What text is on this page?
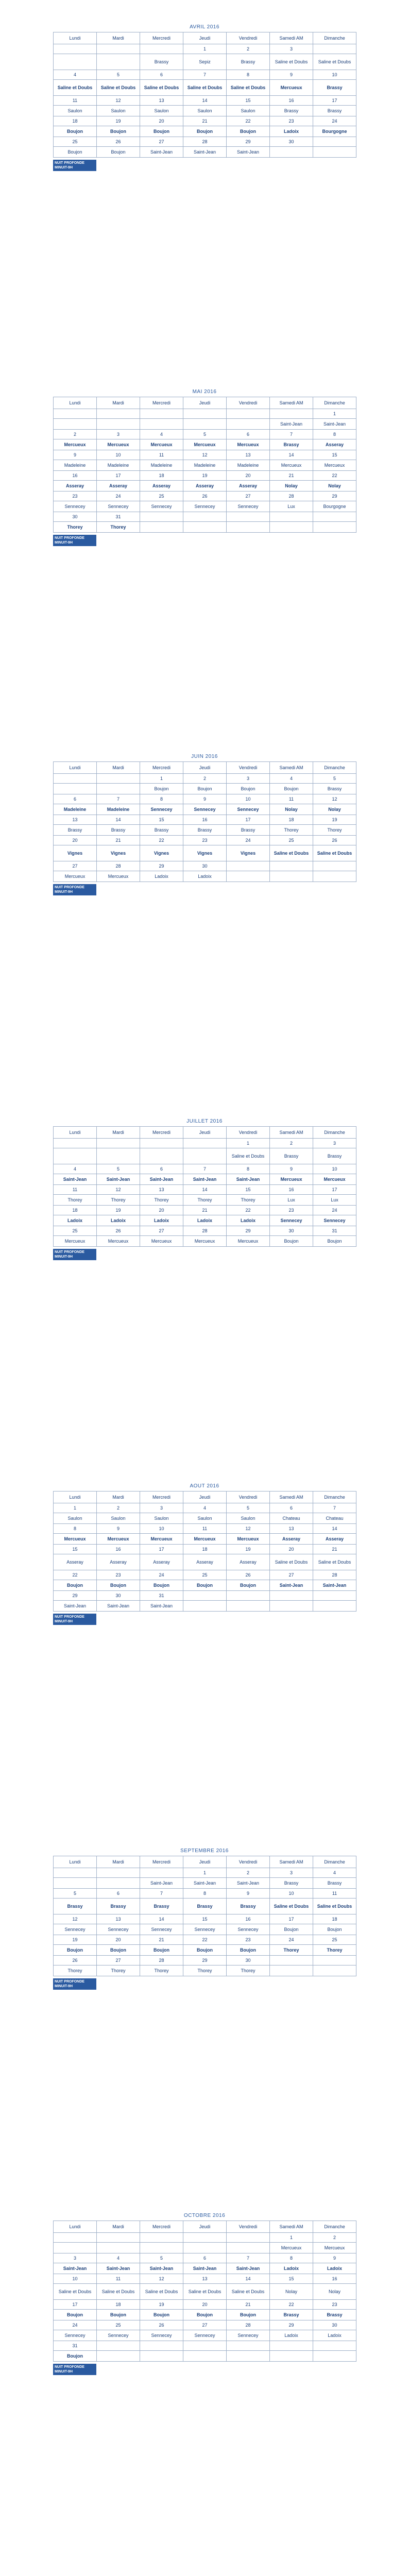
AVRIL 2016
Lundi	Mardi	Mercredi	Jeudi	Vendredi	Samedi AM	Dimanche
			1	2	3	
		Brassy	Sepiz	Brassy	Saline et Doubs	Saline et Doubs
4	5	6	7	8	9	10
Saline et Doubs	Saline et Doubs	Saline et Doubs	Saline et Doubs	Saline et Doubs	Mercueux	Brassy
11	12	13	14	15	16	17
Saulon	Saulon	Saulon	Saulon	Saulon	Brassy	Brassy
18	19	20	21	22	23	24
Boujon	Boujon	Boujon	Boujon	Boujon	Ladoix	Bourgogne
25	26	27	28	29	30	
Boujon	Boujon	Saint-Jean	Saint-Jean	Saint-Jean		
NUIT PROFONDE MINUIT-9H
MAI 2016
Lundi	Mardi	Mercredi	Jeudi	Vendredi	Samedi AM	Dimanche
						1
					Saint-Jean	Saint-Jean
2	3	4	5	6	7	8
Mercueux	Mercueux	Mercueux	Mercueux	Mercueux	Brassy	Asseray
9	10	11	12	13	14	15
Madeleine	Madeleine	Madeleine	Madeleine	Madeleine	Mercueux	Mercueux
16	17	18	19	20	21	22
Asseray	Asseray	Asseray	Asseray	Asseray	Nolay	Nolay
23	24	25	26	27	28	29
Sennecey	Sennecey	Sennecey	Sennecey	Sennecey	Lux	Bourgogne
30	31					
Thorey	Thorey					
NUIT PROFONDE MINUIT-9H
JUIN 2016
Lundi	Mardi	Mercredi	Jeudi	Vendredi	Samedi AM	Dimanche
		1	2	3	4	5
		Boujon	Boujon	Boujon	Boujon	Brassy
6	7	8	9	10	11	12
Madeleine	Madeleine	Sennecey	Sennecey	Sennecey	Nolay	Nolay
13	14	15	16	17	18	19
Brassy	Brassy	Brassy	Brassy	Brassy	Thorey	Thorey
20	21	22	23	24	25	26
Vignes	Vignes	Vignes	Vignes	Vignes	Saline et Doubs	Saline et Doubs
27	28	29	30			
Mercueux	Mercueux	Ladoix	Ladoix			
NUIT PROFONDE MINUIT-9H
JUILLET 2016
Lundi	Mardi	Mercredi	Jeudi	Vendredi	Samedi AM	Dimanche
				1	2	3
				Saline et Doubs	Brassy	Brassy
4	5	6	7	8	9	10
Saint-Jean	Saint-Jean	Saint-Jean	Saint-Jean	Saint-Jean	Mercueux	Mercueux
11	12	13	14	15	16	17
Thorey	Thorey	Thorey	Thorey	Thorey	Lux	Lux
18	19	20	21	22	23	24
Ladoix	Ladoix	Ladoix	Ladoix	Ladoix	Sennecey	Sennecey
25	26	27	28	29	30	31
Mercueux	Mercueux	Mercueux	Mercueux	Mercueux	Boujon	Boujon
NUIT PROFONDE MINUIT-9H
AOUT 2016
Lundi	Mardi	Mercredi	Jeudi	Vendredi	Samedi AM	Dimanche
1	2	3	4	5	6	7
Saulon	Saulon	Saulon	Saulon	Saulon	Chateau	Chateau
8	9	10	11	12	13	14
Mercueux	Mercueux	Mercueux	Mercueux	Mercueux	Asseray	Asseray
15	16	17	18	19	20	21
Asseray	Asseray	Asseray	Asseray	Asseray	Saline et Doubs	Saline et Doubs
22	23	24	25	26	27	28
Boujon	Boujon	Boujon	Boujon	Boujon	Saint-Jean	Saint-Jean
29	30	31				
Saint-Jean	Saint-Jean	Saint-Jean				
NUIT PROFONDE MINUIT-9H
SEPTEMBRE 2016
Lundi	Mardi	Mercredi	Jeudi	Vendredi	Samedi AM	Dimanche
			1	2	3	4
		Saint-Jean	Saint-Jean	Saint-Jean	Brassy	Brassy
5	6	7	8	9	10	11
Brassy	Brassy	Brassy	Brassy	Brassy	Saline et Doubs	Saline et Doubs
12	13	14	15	16	17	18
Sennecey	Sennecey	Sennecey	Sennecey	Sennecey	Boujon	Boujon
19	20	21	22	23	24	25
Boujon	Boujon	Boujon	Boujon	Boujon	Thorey	Thorey
26	27	28	29	30		
Thorey	Thorey	Thorey	Thorey	Thorey		
NUIT PROFONDE MINUIT-9H
OCTOBRE 2016
Lundi	Mardi	Mercredi	Jeudi	Vendredi	Samedi AM	Dimanche
					1	2
					Mercueux	Mercueux
3	4	5	6	7	8	9
Saint-Jean	Saint-Jean	Saint-Jean	Saint-Jean	Saint-Jean	Ladoix	Ladoix
10	11	12	13	14	15	16
Saline et Doubs	Saline et Doubs	Saline et Doubs	Saline et Doubs	Saline et Doubs	Nolay	Nolay
17	18	19	20	21	22	23
Boujon	Boujon	Boujon	Boujon	Boujon	Brassy	Brassy
24	25	26	27	28	29	30
Sennecey	Sennecey	Sennecey	Sennecey	Sennecey	Ladoix	Ladoix
31						
Boujon						
NUIT PROFONDE MINUIT-9H
